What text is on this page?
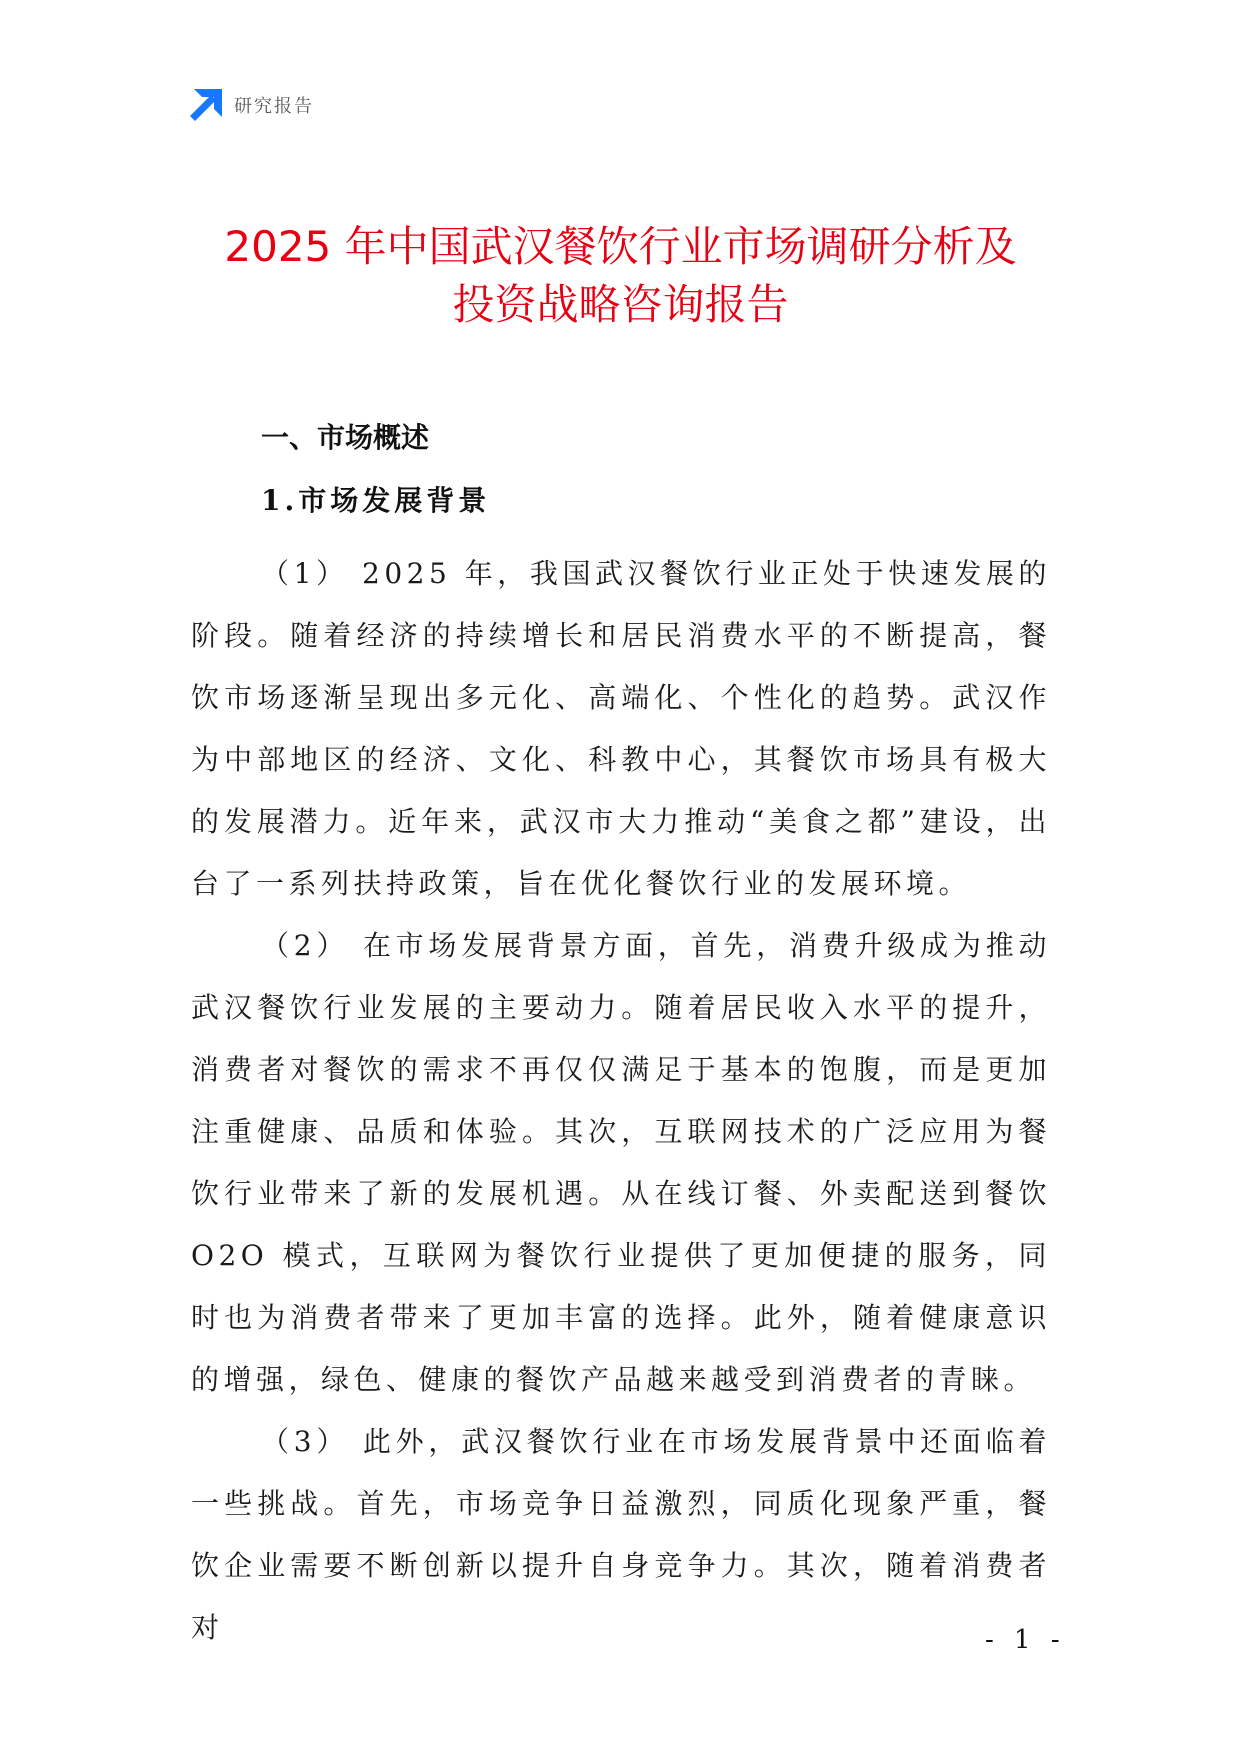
研究报告
2025 年中国武汉餐饮行业市场调研分析及
投资战略咨询报告
一、市场概述
1.市场发展背景

（1） 2025 年，我国武汉餐饮行业正处于快速发展的阶段。随着经济的持续增长和居民消费水平的不断提高，餐饮市场逐渐呈现出多元化、高端化、个性化的趋势。武汉作为中部地区的经济、文化、科教中心，其餐饮市场具有极大的发展潜力。近年来，武汉市大力推动“美食之都”建设，出台了一系列扶持政策，旨在优化餐饮行业的发展环境。

（2） 在市场发展背景方面，首先，消费升级成为推动武汉餐饮行业发展的主要动力。随着居民收入水平的提升，消费者对餐饮的需求不再仅仅满足于基本的饱腹，而是更加注重健康、品质和体验。其次，互联网技术的广泛应用为餐饮行业带来了新的发展机遇。从在线订餐、外卖配送到餐饮 O2O 模式，互联网为餐饮行业提供了更加便捷的服务，同时也为消费者带来了更加丰富的选择。此外，随着健康意识的增强，绿色、健康的餐饮产品越来越受到消费者的青睐。

（3） 此外，武汉餐饮行业在市场发展背景中还面临着一些挑战。首先，市场竞争日益激烈，同质化现象严重，餐饮企业需要不断创新以提升自身竞争力。其次，随着消费者对	- 1 -
